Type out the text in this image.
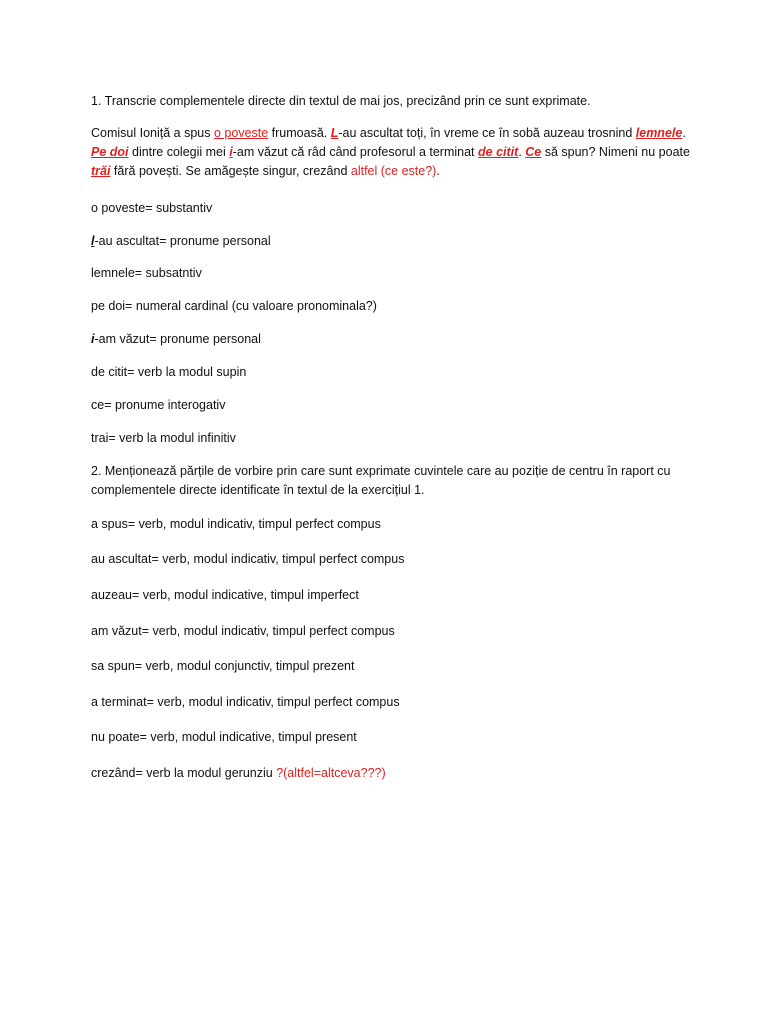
1. Transcrie complementele directe din textul de mai jos, precizând prin ce sunt exprimate.

Comisul Ioniță a spus o poveste frumoasă. L-au ascultat toți, în vreme ce în sobă auzeau trosnind lemnele. Pe doi dintre colegii mei i-am văzut că râd când profesorul a terminat de citit. Ce să spun? Nimeni nu poate trăi fără povești. Se amăgește singur, crezând altfel (ce este?).

o poveste= substantiv

l-au ascultat= pronume personal

lemnele= subsatntiv

pe doi= numeral cardinal (cu valoare pronominala?)

i-am văzut= pronume personal

de citit= verb la modul supin

ce= pronume interogativ

trai= verb la modul infinitiv

2. Menționează părțile de vorbire prin care sunt exprimate cuvintele care au poziție de centru în raport cu complementele directe identificate în textul de la exercițiul 1.

a spus= verb, modul indicativ, timpul perfect compus

au ascultat= verb, modul indicativ, timpul perfect compus

auzeau= verb, modul indicative, timpul imperfect

am văzut= verb, modul indicativ, timpul perfect compus

sa spun= verb, modul conjunctiv, timpul prezent

a terminat= verb, modul indicativ, timpul perfect compus

nu poate= verb, modul indicative, timpul present

crezând= verb la modul gerunziu ?(altfel=altceva???)
